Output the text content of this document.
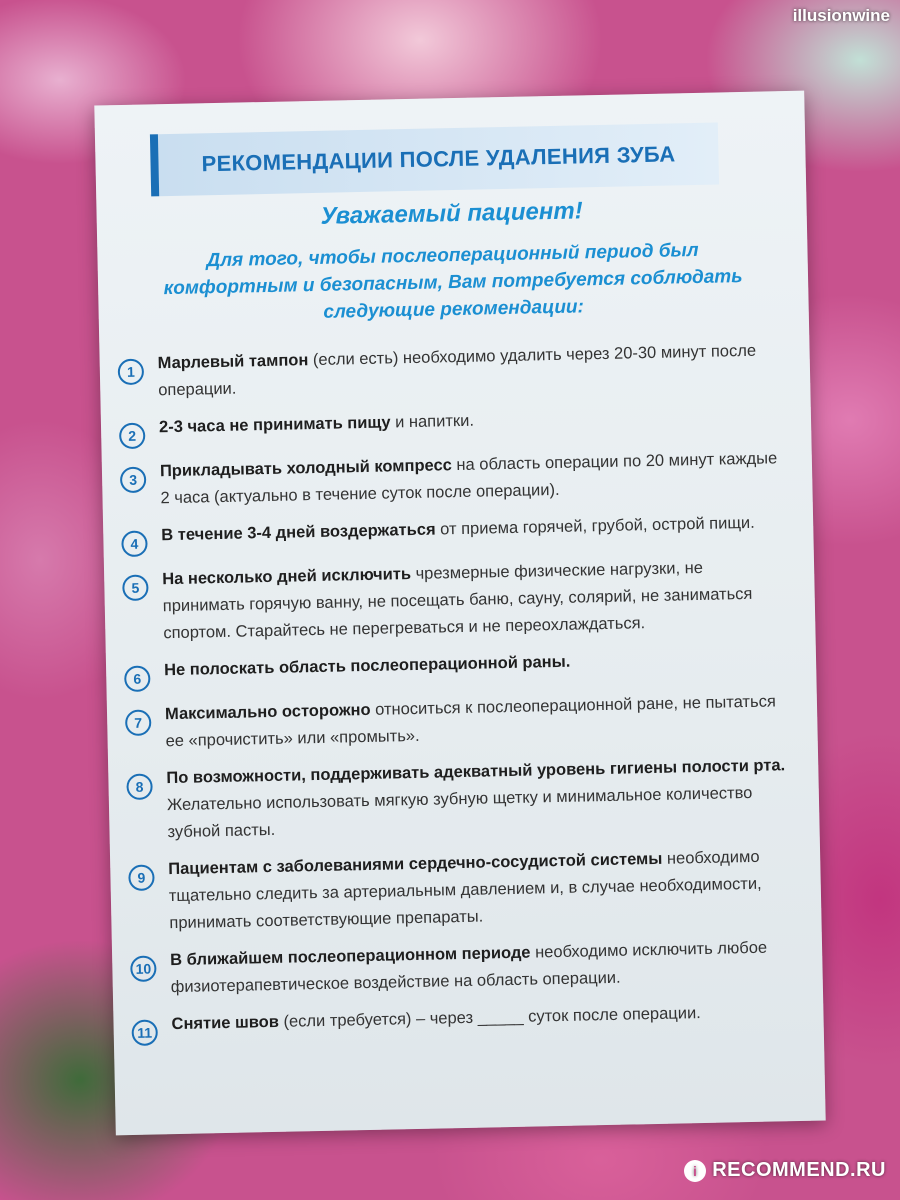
illusionwine
РЕКОМЕНДАЦИИ ПОСЛЕ УДАЛЕНИЯ ЗУБА
Уважаемый пациент!
Для того, чтобы послеоперационный период был комфортным и безопасным, Вам потребуется соблюдать следующие рекомендации:
1	Марлевый тампон (если есть) необходимо удалить через 20-30 минут после операции.
2	2-3 часа не принимать пищу и напитки.
3	Прикладывать холодный компресс на область операции по 20 минут каждые 2 часа (актуально в течение суток после операции).
4	В течение 3-4 дней воздержаться от приема горячей, грубой, острой пищи.
5	На несколько дней исключить чрезмерные физические нагрузки, не принимать горячую ванну, не посещать баню, сауну, солярий, не заниматься спортом. Старайтесь не перегреваться и не переохлаждаться.
6	Не полоскать область послеоперационной раны.
7	Максимально осторожно относиться к послеоперационной ране, не пытаться ее «прочистить» или «промыть».
8	По возможности, поддерживать адекватный уровень гигиены полости рта. Желательно использовать мягкую зубную щетку и минимальное количество зубной пасты.
9	Пациентам с заболеваниями сердечно-сосудистой системы необходимо тщательно следить за артериальным давлением и, в случае необходимости, принимать соответствующие препараты.
10	В ближайшем послеоперационном периоде необходимо исключить любое физиотерапевтическое воздействие на область операции.
11	Снятие швов (если требуется) – через _____ суток после операции.
i RECOMMEND.RU
